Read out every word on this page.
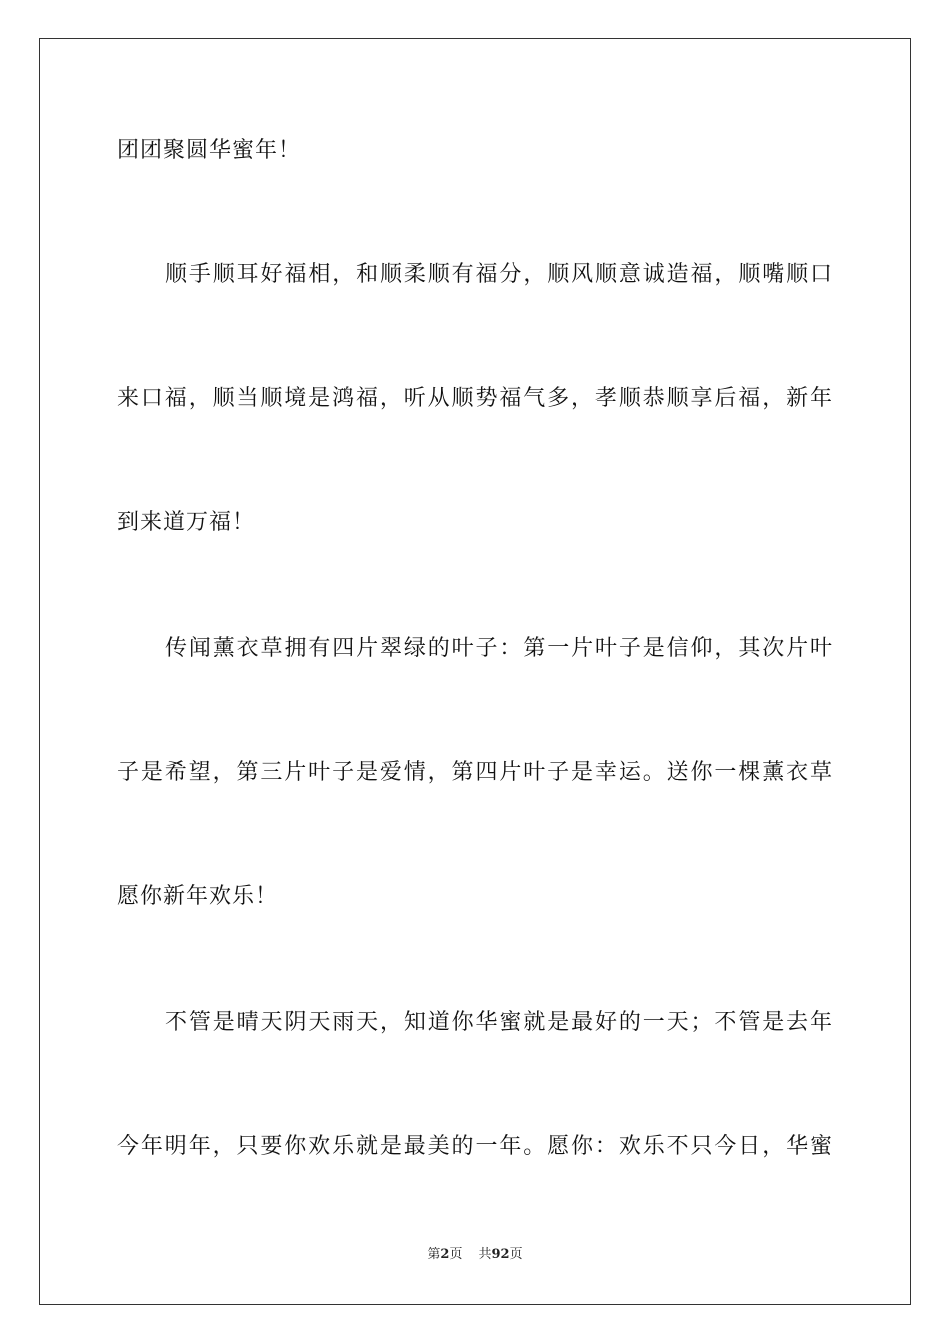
团团聚圆华蜜年！
顺手顺耳好福相，和顺柔顺有福分，顺风顺意诚造福，顺嘴顺口
来口福，顺当顺境是鸿福，听从顺势福气多，孝顺恭顺享后福，新年
到来道万福！
传闻薰衣草拥有四片翠绿的叶子：第一片叶子是信仰，其次片叶
子是希望，第三片叶子是爱情，第四片叶子是幸运。送你一棵薰衣草
愿你新年欢乐！
不管是晴天阴天雨天，知道你华蜜就是最好的一天；不管是去年
今年明年，只要你欢乐就是最美的一年。愿你：欢乐不只今日，华蜜
第2页 共92页
